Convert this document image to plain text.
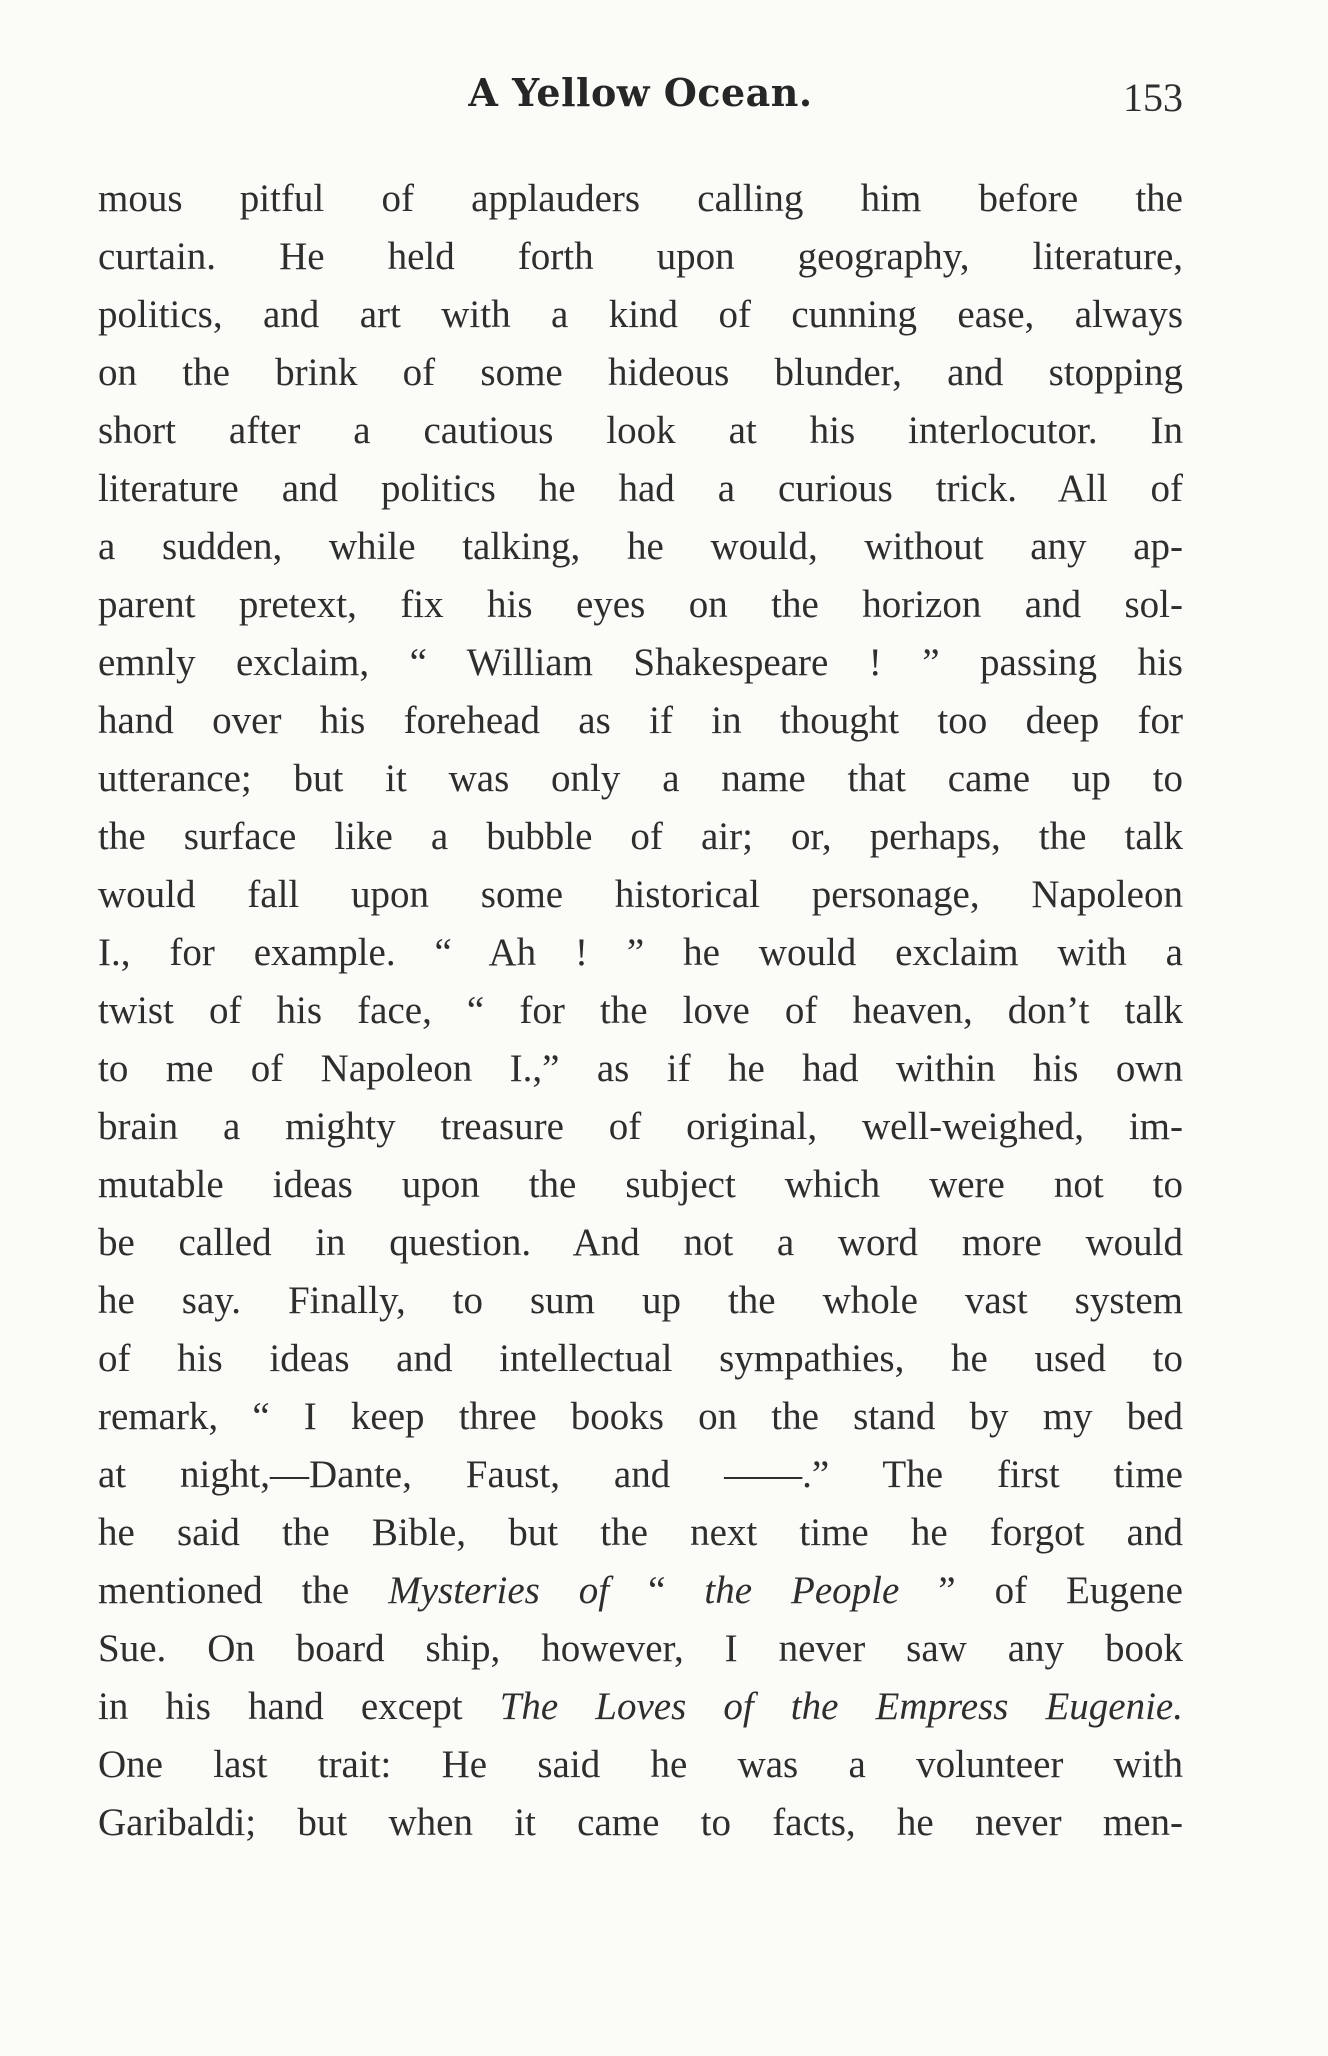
A Yellow Ocean.	153
mous pitful of applauders calling him before the
curtain. He held forth upon geography, literature,
politics, and art with a kind of cunning ease, always
on the brink of some hideous blunder, and stopping
short after a cautious look at his interlocutor. In
literature and politics he had a curious trick. All of
a sudden, while talking, he would, without any ap-
parent pretext, fix his eyes on the horizon and sol-
emnly exclaim, “ William Shakespeare ! ” passing his
hand over his forehead as if in thought too deep for
utterance; but it was only a name that came up to
the surface like a bubble of air; or, perhaps, the talk
would fall upon some historical personage, Napoleon
I., for example. “ Ah ! ” he would exclaim with a
twist of his face, “ for the love of heaven, don’t talk
to me of Napoleon I.,” as if he had within his own
brain a mighty treasure of original, well-weighed, im-
mutable ideas upon the subject which were not to
be called in question. And not a word more would
he say. Finally, to sum up the whole vast system
of his ideas and intellectual sympathies, he used to
remark, “ I keep three books on the stand by my bed
at night,—Dante, Faust, and ——.” The first time
he said the Bible, but the next time he forgot and
mentioned the Mysteries of “ the People ” of Eugene
Sue. On board ship, however, I never saw any book
in his hand except The Loves of the Empress Eugenie.
One last trait: He said he was a volunteer with
Garibaldi; but when it came to facts, he never men-
